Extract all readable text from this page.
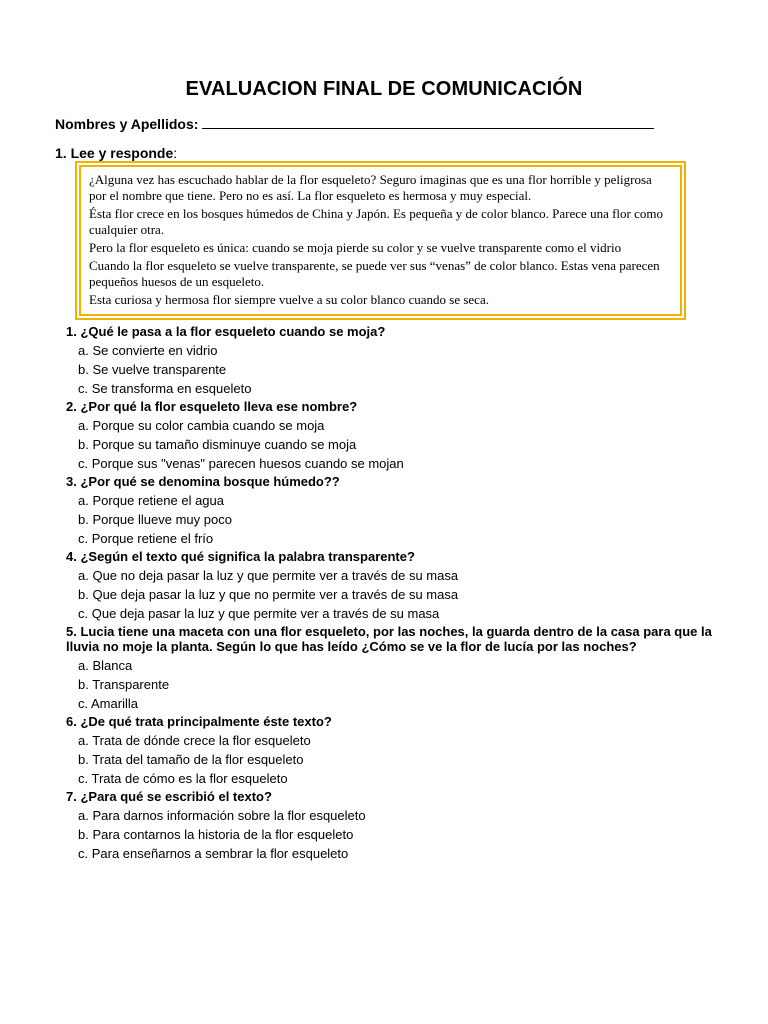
EVALUACION FINAL DE COMUNICACIÓN
Nombres y Apellidos:
1. Lee y responde:

¿Alguna vez has escuchado hablar de la flor esqueleto? Seguro imaginas que es una flor horrible y peligrosa por el nombre que tiene. Pero no es así. La flor esqueleto es hermosa y muy especial.

Ésta flor crece en los bosques húmedos de China y Japón. Es pequeña y de color blanco. Parece una flor como cualquier otra.

Pero la flor esqueleto es única: cuando se moja pierde su color y se vuelve transparente como el vidrio

Cuando la flor esqueleto se vuelve transparente, se puede ver sus “venas” de color blanco. Estas vena parecen pequeños huesos de un esqueleto.

Esta curiosa y hermosa flor siempre vuelve a su color blanco cuando se seca.

1. ¿Qué le pasa a la flor esqueleto cuando se moja?
a. Se convierte en vidrio
b. Se vuelve transparente
c. Se transforma en esqueleto
2. ¿Por qué la flor esqueleto lleva ese nombre?
a. Porque su color cambia cuando se moja
b. Porque su tamaño disminuye cuando se moja
c. Porque sus "venas" parecen huesos cuando se mojan
3. ¿Por qué se denomina bosque húmedo??
a. Porque retiene el agua
b. Porque llueve muy poco
c. Porque retiene el frío
4. ¿Según el texto qué significa la palabra transparente?
a. Que no deja pasar la luz y que permite ver a través de su masa
b. Que deja pasar la luz y que no permite ver a través de su masa
c. Que deja pasar la luz y que permite ver a través de su masa
5. Lucia tiene una maceta con una flor esqueleto, por las noches, la guarda dentro de la casa para que la lluvia no moje la planta. Según lo que has leído ¿Cómo se ve la flor de lucía por las noches?
a. Blanca
b. Transparente
c. Amarilla
6. ¿De qué trata principalmente éste texto?
a. Trata de dónde crece la flor esqueleto
b. Trata del tamaño de la flor esqueleto
c. Trata de cómo es la flor esqueleto
7. ¿Para qué se escribió el texto?
a. Para darnos información sobre la flor esqueleto
b. Para contarnos la historia de la flor esqueleto
c. Para enseñarnos a sembrar la flor esqueleto
